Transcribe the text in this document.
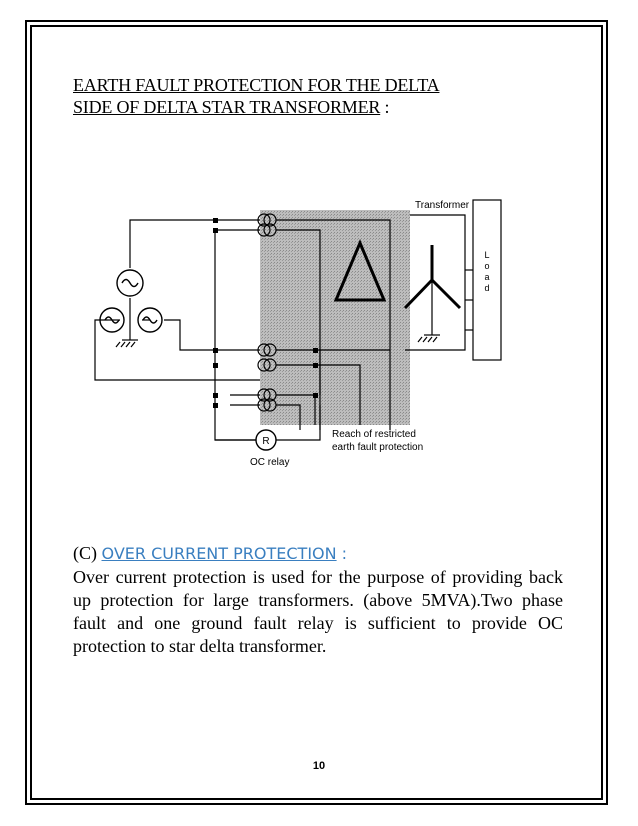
EARTH FAULT PROTECTION FOR THE DELTA
SIDE OF DELTA STAR TRANSFORMER :
Transformer
L
o
a
d
R
OC relay
Reach of restricted
earth fault protection
(C) OVER CURRENT PROTECTION :
Over current protection is used for the purpose of providing back up protection for large transformers. (above 5MVA).Two phase fault and one ground fault relay is sufficient to provide OC protection to star delta transformer.
10
